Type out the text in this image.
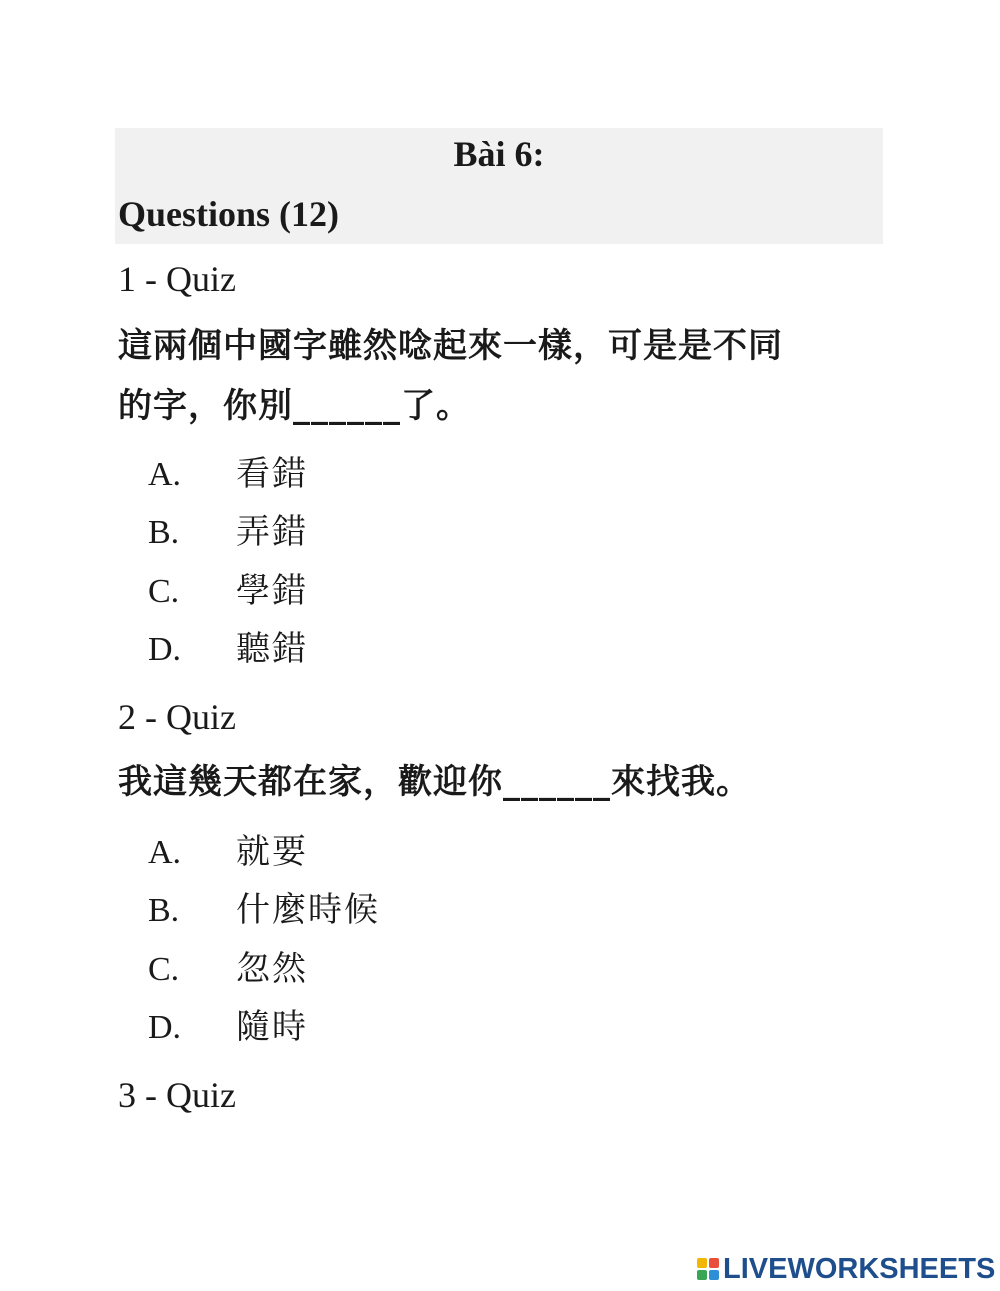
Bài 6:
Questions (12)
1 - Quiz
這兩個中國字雖然唸起來一樣，可是是不同
的字，你別______了。
A. 看錯
B. 弄錯
C. 學錯
D. 聽錯
2 - Quiz
我這幾天都在家，歡迎你______來找我。
A. 就要
B. 什麼時候
C. 忽然
D. 隨時
3 - Quiz
LIVEWORKSHEETS
